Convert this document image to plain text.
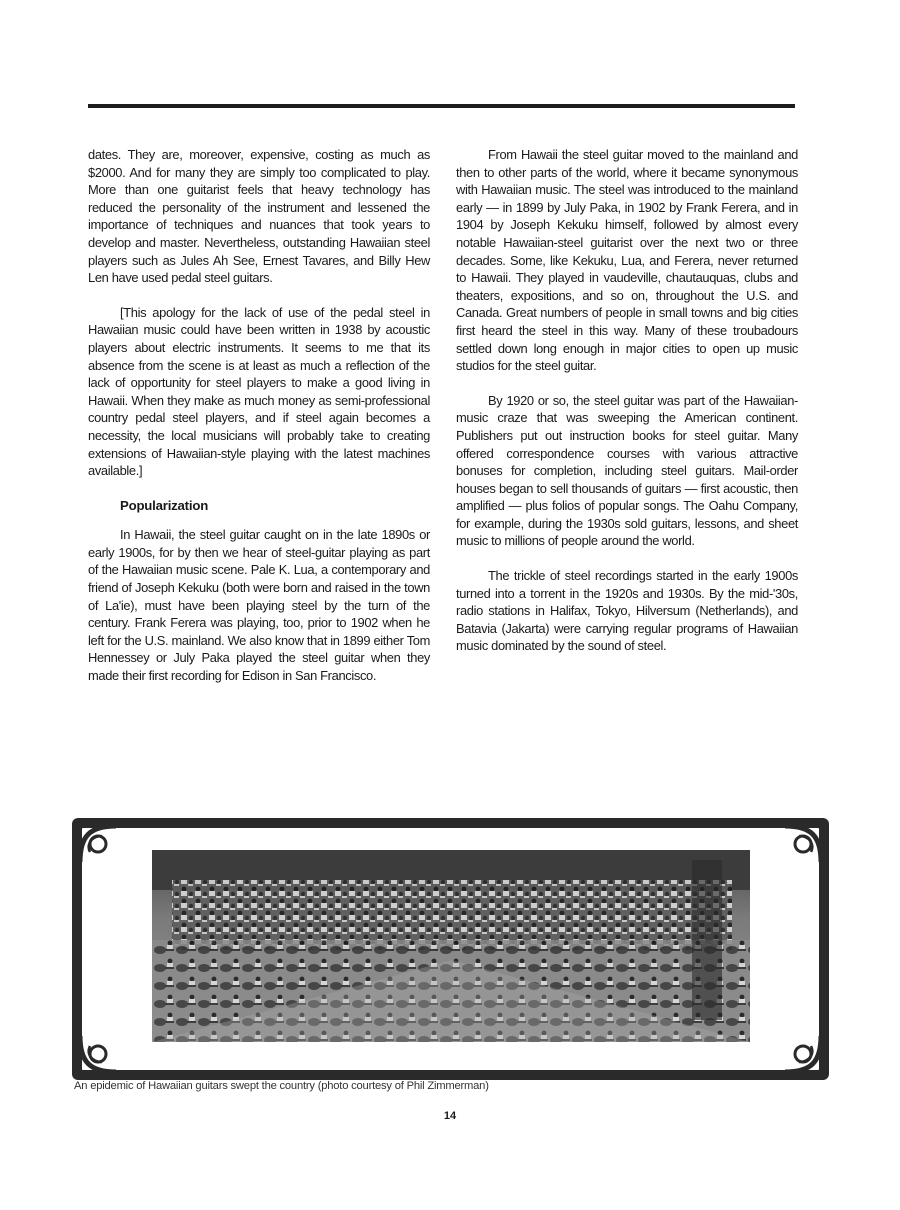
dates. They are, moreover, expensive, costing as much as $2000. And for many they are simply too complicated to play. More than one guitarist feels that heavy technology has reduced the personality of the instrument and lessened the importance of techniques and nuances that took years to develop and master. Nevertheless, outstanding Hawaiian steel players such as Jules Ah See, Ernest Tavares, and Billy Hew Len have used pedal steel guitars.

[This apology for the lack of use of the pedal steel in Hawaiian music could have been written in 1938 by acoustic players about electric instruments. It seems to me that its absence from the scene is at least as much a reflection of the lack of opportunity for steel players to make a good living in Hawaii. When they make as much money as semi-professional country pedal steel players, and if steel again becomes a necessity, the local musicians will probably take to creating extensions of Hawaiian-style playing with the latest machines available.]

Popularization

In Hawaii, the steel guitar caught on in the late 1890s or early 1900s, for by then we hear of steel-guitar playing as part of the Hawaiian music scene. Pale K. Lua, a contemporary and friend of Joseph Kekuku (both were born and raised in the town of La'ie), must have been playing steel by the turn of the century. Frank Ferera was playing, too, prior to 1902 when he left for the U.S. mainland. We also know that in 1899 either Tom Hennessey or July Paka played the steel guitar when they made their first recording for Edison in San Francisco.

From Hawaii the steel guitar moved to the mainland and then to other parts of the world, where it became synonymous with Hawaiian music. The steel was introduced to the mainland early — in 1899 by July Paka, in 1902 by Frank Ferera, and in 1904 by Joseph Kekuku himself, followed by almost every notable Hawaiian-steel guitarist over the next two or three decades. Some, like Kekuku, Lua, and Ferera, never returned to Hawaii. They played in vaudeville, chautauquas, clubs and theaters, expositions, and so on, throughout the U.S. and Canada. Great numbers of people in small towns and big cities first heard the steel in this way. Many of these troubadours settled down long enough in major cities to open up music studios for the steel guitar.

By 1920 or so, the steel guitar was part of the Hawaiian-music craze that was sweeping the American continent. Publishers put out instruction books for steel guitar. Many offered correspondence courses with various attractive bonuses for completion, including steel guitars. Mail-order houses began to sell thousands of guitars — first acoustic, then amplified — plus folios of popular songs. The Oahu Company, for example, during the 1930s sold guitars, lessons, and sheet music to millions of people around the world.

The trickle of steel recordings started in the early 1900s turned into a torrent in the 1920s and 1930s. By the mid-'30s, radio stations in Halifax, Tokyo, Hilversum (Netherlands), and Batavia (Jakarta) were carrying regular programs of Hawaiian music dominated by the sound of steel.

An epidemic of Hawaiian guitars swept the country (photo courtesy of Phil Zimmerman)
14
